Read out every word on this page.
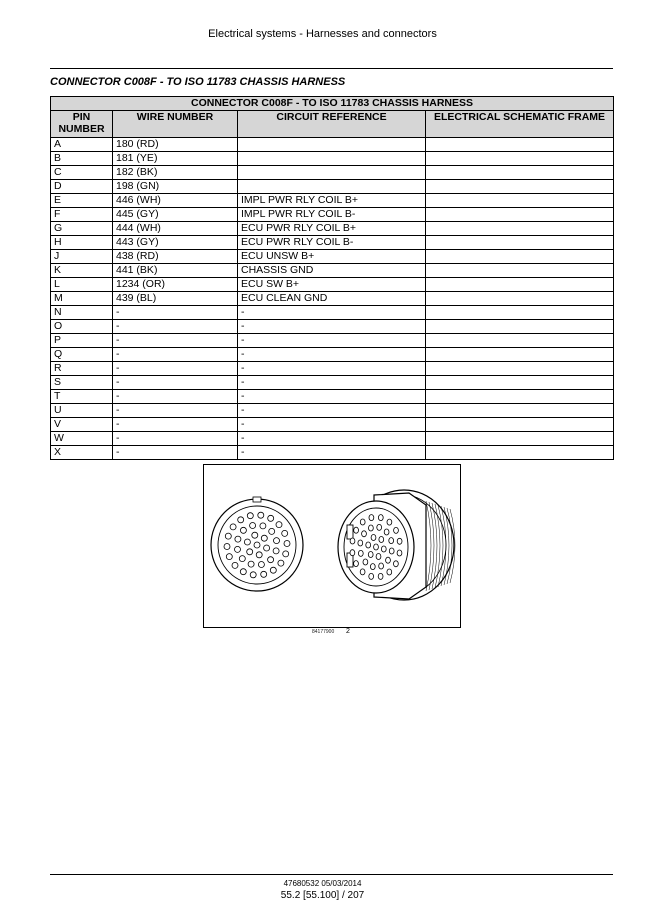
Electrical systems - Harnesses and connectors
CONNECTOR C008F - TO ISO 11783 CHASSIS HARNESS
CONNECTOR C008F - TO ISO 11783 CHASSIS HARNESS			

PIN NUMBER	WIRE NUMBER	CIRCUIT REFERENCE	ELECTRICAL SCHEMATIC FRAME

A	180 (RD)		
B	181 (YE)		
C	182 (BK)		
D	198 (GN)		
E	446 (WH)	IMPL PWR RLY COIL B+	
F	445 (GY)	IMPL PWR RLY COIL B-	
G	444 (WH)	ECU PWR RLY COIL B+	
H	443 (GY)	ECU PWR RLY COIL B-	
J	438 (RD)	ECU UNSW B+	
K	441 (BK)	CHASSIS GND	
L	1234 (OR)	ECU SW B+	
M	439 (BL)	ECU CLEAN GND	
N	-	-	
O	-	-	
P	-	-	
Q	-	-	
R	-	-	
S	-	-	
T	-	-	
U	-	-	
V	-	-	
W	-	-	
X	-	-	
84177900 2
47680532 05/03/2014
55.2 [55.100] / 207
